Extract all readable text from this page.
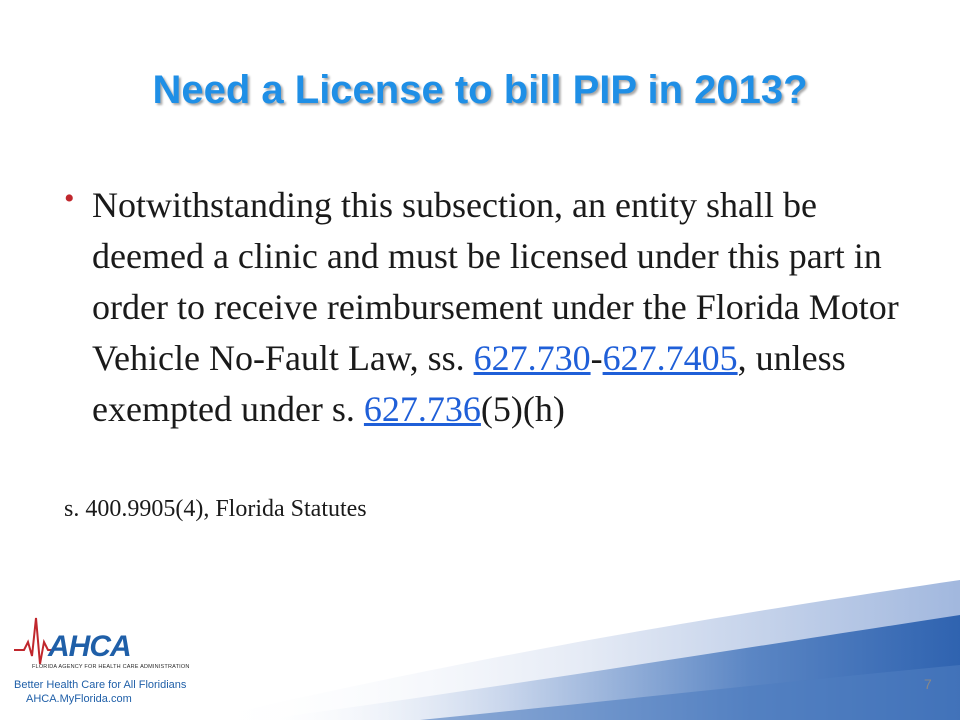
Need a License to bill PIP in 2013?
• Notwithstanding this subsection, an entity shall be deemed a clinic and must be licensed under this part in order to receive reimbursement under the Florida Motor Vehicle No-Fault Law, ss. 627.730-627.7405, unless exempted under s. 627.736(5)(h)
s. 400.9905(4), Florida Statutes
AHCA
FLORIDA AGENCY FOR HEALTH CARE ADMINISTRATION
Better Health Care for All Floridians
AHCA.MyFlorida.com
7
